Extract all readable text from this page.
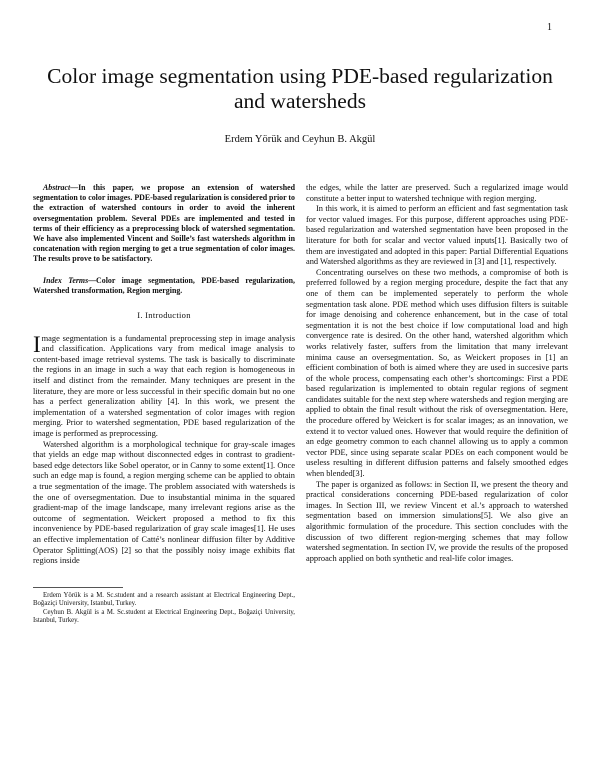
1
Color image segmentation using PDE-based regularization and watersheds
Erdem Yörük and Ceyhun B. Akgül

Abstract—In this paper, we propose an extension of watershed segmentation to color images. PDE-based regularization is considered prior to the extraction of watershed contours in order to avoid the inherent oversegmentation problem. Several PDEs are implemented and tested in terms of their efficiency as a preprocessing block of watershed segmentation. We have also implemented Vincent and Soille’s fast watersheds algorithm in concatenation with region merging to get a true segmentation of color images. The results prove to be satisfactory.

Index Terms—Color image segmentation, PDE-based regularization, Watershed transformation, Region merging.

I. Introduction

Image segmentation is a fundamental preprocessing step in image analysis and classification. Applications vary from medical image analysis to content-based image retrieval systems. The task is basically to discriminate the regions in an image in such a way that each region is homogeneous in itself and distinct from the remainder. Many techniques are present in the literature, they are more or less successful in their specific domain but no one has a perfect generalization ability [4]. In this work, we present the implementation of a watershed segmentation of color images with region merging. Prior to watershed segmentation, PDE based regularization of the image is performed as preprocessing.

Watershed algorithm is a morphological technique for gray-scale images that yields an edge map without disconnected edges in contrast to gradient-based edge detectors like Sobel operator, or in Canny to some extent[1]. Once such an edge map is found, a region merging scheme can be applied to obtain a true segmentation of the image. The problem associated with watersheds is the one of oversegmentation. Due to insubstantial minima in the squared gradient-map of the image landscape, many irrelevant regions arise as the outcome of segmentation. Weickert proposed a method to fix this inconvenience by PDE-based regularization of gray scale images[1]. He uses an effective implementation of Catté’s nonlinear diffusion filter by Additive Operator Splitting(AOS) [2] so that the possibly noisy image exhibits flat regions inside

Erdem Yörük is a M. Sc.student and a research assistant at Electrical Engineering Dept., Boğaziçi University, Istanbul, Turkey.

Ceyhun B. Akgül is a M. Sc.student at Electrical Engineering Dept., Boğaziçi University, Istanbul, Turkey.

the edges, while the latter are preserved. Such a regularized image would constitute a better input to watershed technique with region merging.

In this work, it is aimed to perform an efficient and fast segmentation task for vector valued images. For this purpose, different approaches using PDE-based regularization and watershed segmentation have been proposed in the literature for both for scalar and vector valued inputs[1]. Basically two of them are investigated and adopted in this paper: Partial Differential Equations and Watershed algorithms as they are reviewed in [3] and [1], respectively.

Concentrating ourselves on these two methods, a compromise of both is preferred followed by a region merging procedure, despite the fact that any one of them can be implemented seperately to perform the whole segmentation task alone. PDE method which uses diffusion filters is suitable for image denoising and coherence enhancement, but in the case of total segmentation it is not the best choice if low computational load and high convergence rate is desired. On the other hand, watershed algorithm which works relatively faster, suffers from the limitation that many irrelevant minima cause an oversegmentation. So, as Weickert proposes in [1] an efficient combination of both is aimed where they are used in succesive parts of the whole process, compensating each other’s shortcomings: First a PDE based regularization is implemented to obtain regular regions of segment candidates suitable for the next step where watersheds and region merging are applied to obtain the final result without the risk of oversegmentation. Here, the procedure offered by Weickert is for scalar images; as an innovation, we extend it to vector valued ones. However that would require the definition of an edge geometry common to each channel allowing us to apply a common vector PDE, since using separate scalar PDEs on each component would be useless resulting in different diffusion patterns and falsely smoothed edges when blended[3].

The paper is organized as follows: in Section II, we present the theory and practical considerations concerning PDE-based regularization of color images. In Section III, we review Vincent et al.’s approach to watershed segmentation based on immersion simulations[5]. We also give an algorithmic formulation of the procedure. This section concludes with the discussion of two different region-merging schemes that may follow watershed segmentation. In section IV, we provide the results of the proposed approach applied on both synthetic and real-life color images.
